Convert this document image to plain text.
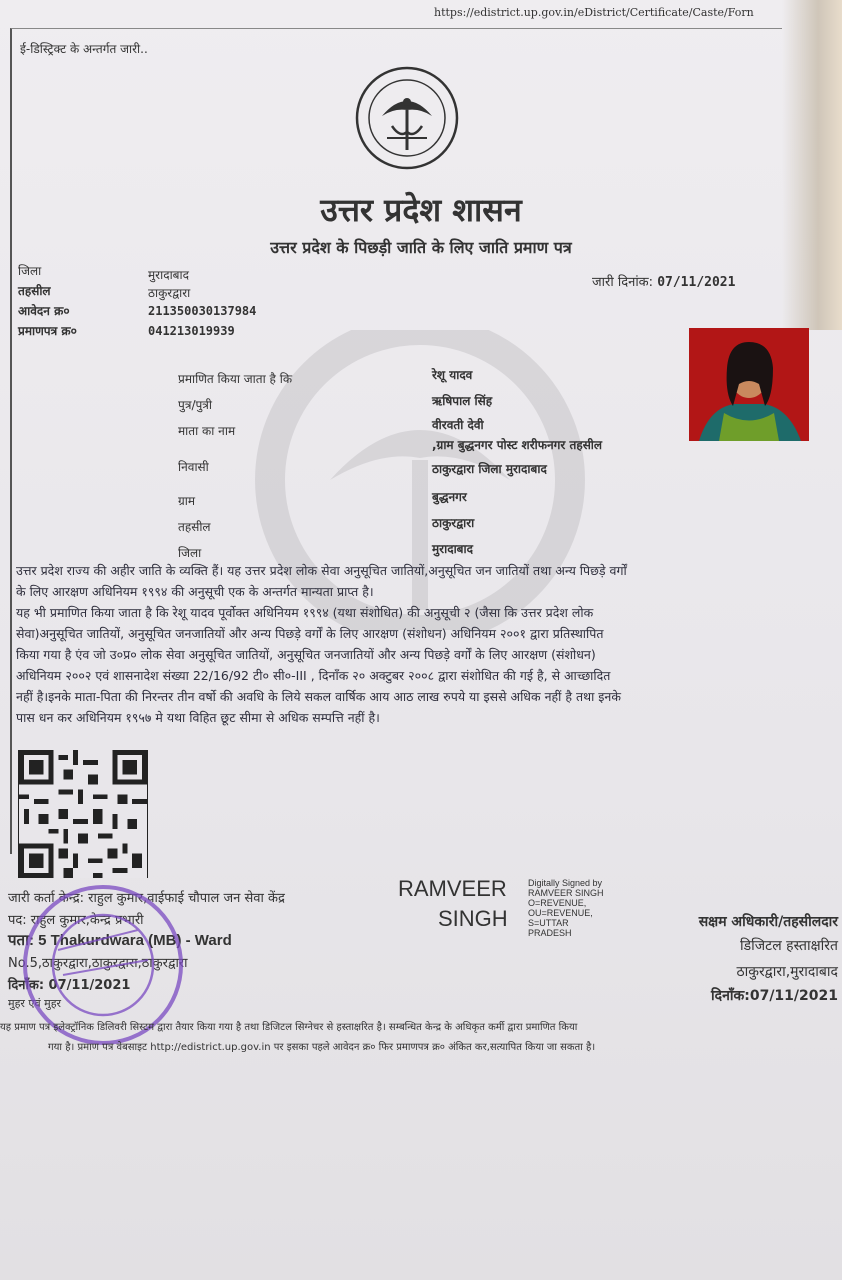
https://edistrict.up.gov.in/eDistrict/Certificate/Caste/Forn
ई-डिस्ट्रिक्ट के अन्तर्गत जारी..
उत्तर प्रदेश शासन
उत्तर प्रदेश के पिछड़ी जाति के लिए जाति प्रमाण पत्र
जिला	मुरादाबाद
तहसील	ठाकुरद्वारा
आवेदन क्र०	211350030137984
प्रमाणपत्र क्र०	041213019939
जारी दिनांक: 07/11/2021
प्रमाणित किया जाता है कि	रेशू यादव
पुत्र/पुत्री	ऋषिपाल सिंह
माता का नाम	वीरवती देवी
निवासी
,ग्राम बुद्धनगर पोस्ट शरीफनगर तहसील
ठाकुरद्वारा जिला मुरादाबाद
ग्राम	बुद्धनगर
तहसील	ठाकुरद्वारा
जिला	मुरादाबाद

उत्तर प्रदेश राज्य की अहीर जाति के व्यक्ति हैं। यह उत्तर प्रदेश लोक सेवा अनुसूचित जातियों,अनुसूचित जन जातियों तथा अन्य पिछड़े वर्गों

के लिए आरक्षण अधिनियम १९९४ की अनुसूची एक के अन्तर्गत मान्यता प्राप्त है।

यह भी प्रमाणित किया जाता है कि रेशू यादव पूर्वोक्त अधिनियम १९९४ (यथा संशोधित) की अनुसूची २ (जैसा कि उत्तर प्रदेश लोक

सेवा)अनुसूचित जातियों, अनुसूचित जनजातियों और अन्य पिछड़े वर्गों के लिए आरक्षण (संशोधन) अधिनियम २००१ द्वारा प्रतिस्थापित

किया गया है एंव जो उ०प्र० लोक सेवा अनुसूचित जातियों, अनुसूचित जनजातियों और अन्य पिछड़े वर्गों के लिए आरक्षण (संशोधन)

अधिनियम २००२ एवं शासनादेश संख्या 22/16/92 टी० सी०-III , दिनाँक २० अक्टुबर २००८ द्वारा संशोधित की गई है, से आच्छादित

नहीं है।इनके माता-पिता की निरन्तर तीन वर्षो की अवधि के लिये सकल वार्षिक आय आठ लाख रुपये या इससे अधिक नहीं है तथा इनके

पास धन कर अधिनियम १९५७ मे यथा विहित छूट सीमा से अधिक सम्पत्ति नहीं है।

जारी कर्ता केन्द्र: राहुल कुमार,वाईफाई चौपाल जन सेवा केंद्र
पद: राहुल कुमार,केन्द्र प्रभारी
पता: 5 Thakurdwara (MB) - Ward
No.5,ठाकुरद्वारा,ठाकुरद्वारा,ठाकुरद्वारा
दिनाँक: 07/11/2021
मुहर एवं मुहर
RAMVEER
SINGH
Digitally Signed by
RAMVEER SINGH
O=REVENUE,
OU=REVENUE,
S=UTTAR
PRADESH
सक्षम अधिकारी/तहसीलदार
डिजिटल हस्ताक्षरित
ठाकुरद्वारा,मुरादाबाद
दिनाँक:07/11/2021
यह प्रमाण पत्र इलेक्ट्रॉनिक डिलिवरी सिस्टम द्वारा तैयार किया गया है तथा डिजिटल सिग्नेचर से हस्ताक्षरित है। सम्बन्धित केन्द्र के अधिकृत कर्मी द्वारा प्रमाणित किया
गया है। प्रमाण पत्र वेबसाइट http://edistrict.up.gov.in पर इसका पहले आवेदन क्र० फिर प्रमाणपत्र क्र० अंकित कर,सत्यापित किया जा सकता है।
